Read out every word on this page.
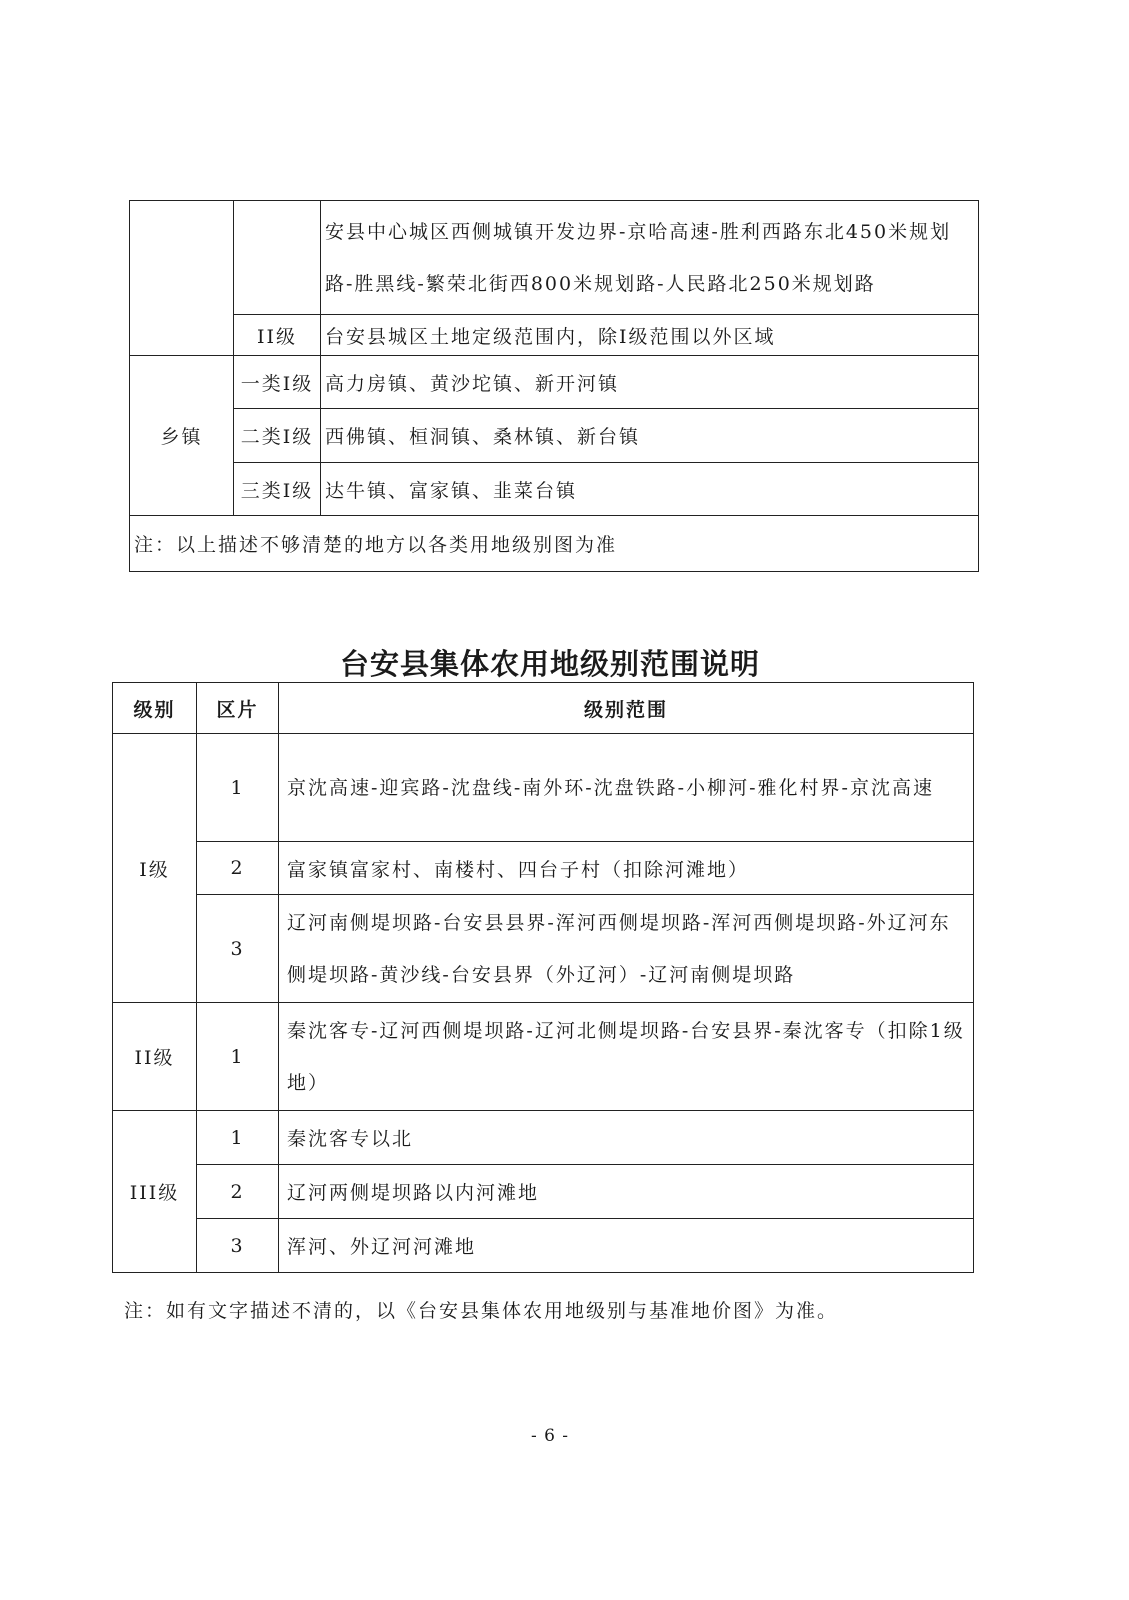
		安县中心城区西侧城镇开发边界-京哈高速-胜利西路东北450米规划路-胜黑线-繁荣北街西800米规划路-人民路北250米规划路
	II级	台安县城区土地定级范围内，除I级范围以外区域
乡镇	一类I级	高力房镇、黄沙坨镇、新开河镇
	二类I级	西佛镇、桓洞镇、桑林镇、新台镇
	三类I级	达牛镇、富家镇、韭菜台镇
注：以上描述不够清楚的地方以各类用地级别图为准		
台安县集体农用地级别范围说明
级别	区片	级别范围
I级	1	京沈高速-迎宾路-沈盘线-南外环-沈盘铁路-小柳河-雅化村界-京沈高速
	2	富家镇富家村、南楼村、四台子村（扣除河滩地）
	3	辽河南侧堤坝路-台安县县界-浑河西侧堤坝路-浑河西侧堤坝路-外辽河东侧堤坝路-黄沙线-台安县界（外辽河）-辽河南侧堤坝路
II级	1	秦沈客专-辽河西侧堤坝路-辽河北侧堤坝路-台安县界-秦沈客专（扣除1级地）
III级	1	秦沈客专以北
	2	辽河两侧堤坝路以内河滩地
	3	浑河、外辽河河滩地
注：如有文字描述不清的，以《台安县集体农用地级别与基准地价图》为准。
- 6 -
